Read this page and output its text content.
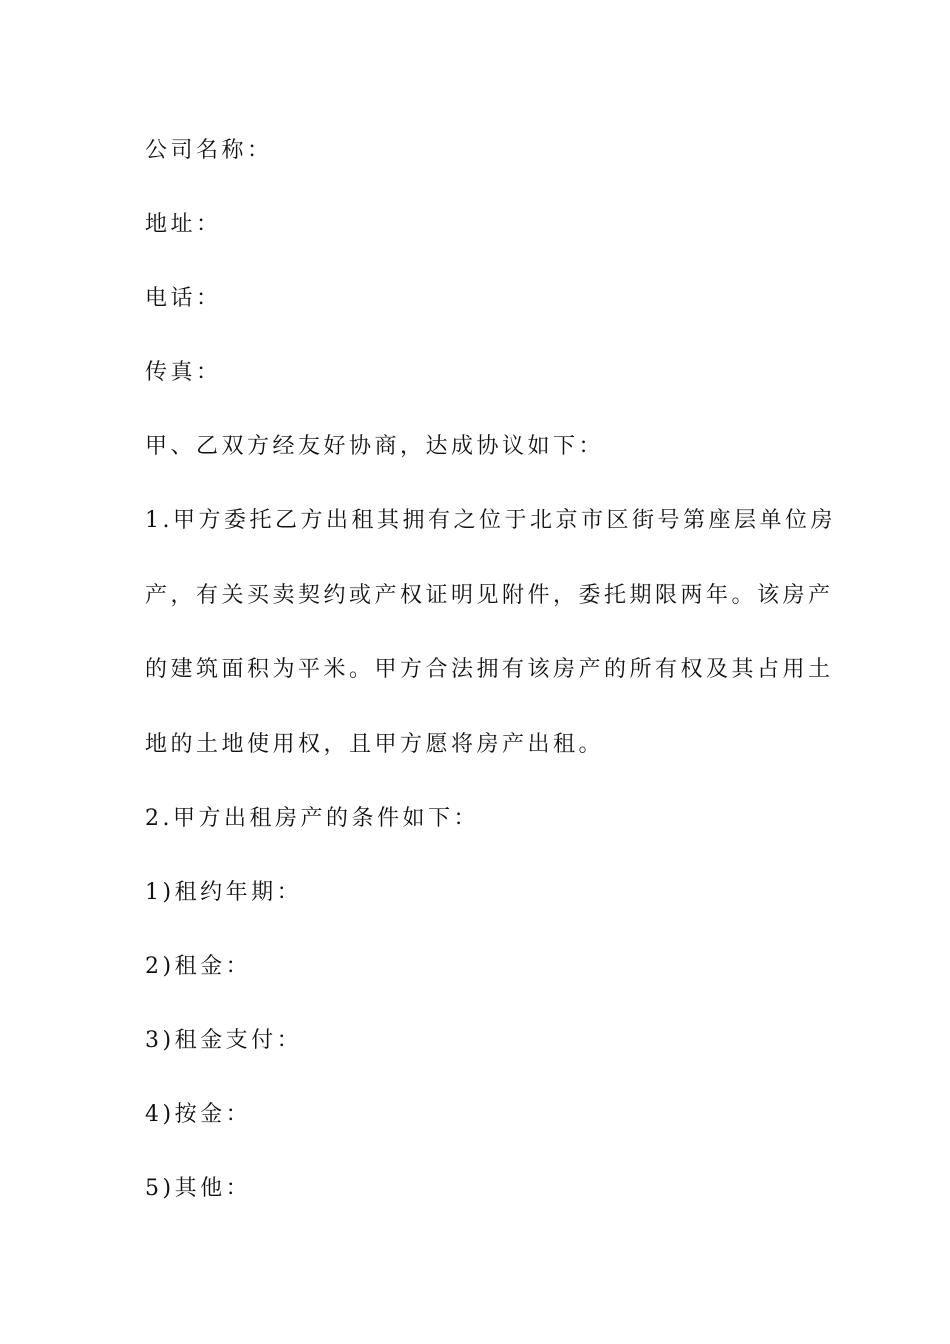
公司名称：
地址：
电话：
传真：
甲、乙双方经友好协商，达成协议如下：
1.甲方委托乙方出租其拥有之位于北京市区街号第座层单位房
产，有关买卖契约或产权证明见附件，委托期限两年。该房产
的建筑面积为平米。甲方合法拥有该房产的所有权及其占用土
地的土地使用权，且甲方愿将房产出租。
2.甲方出租房产的条件如下：
1)租约年期：
2)租金：
3)租金支付：
4)按金：
5)其他：
